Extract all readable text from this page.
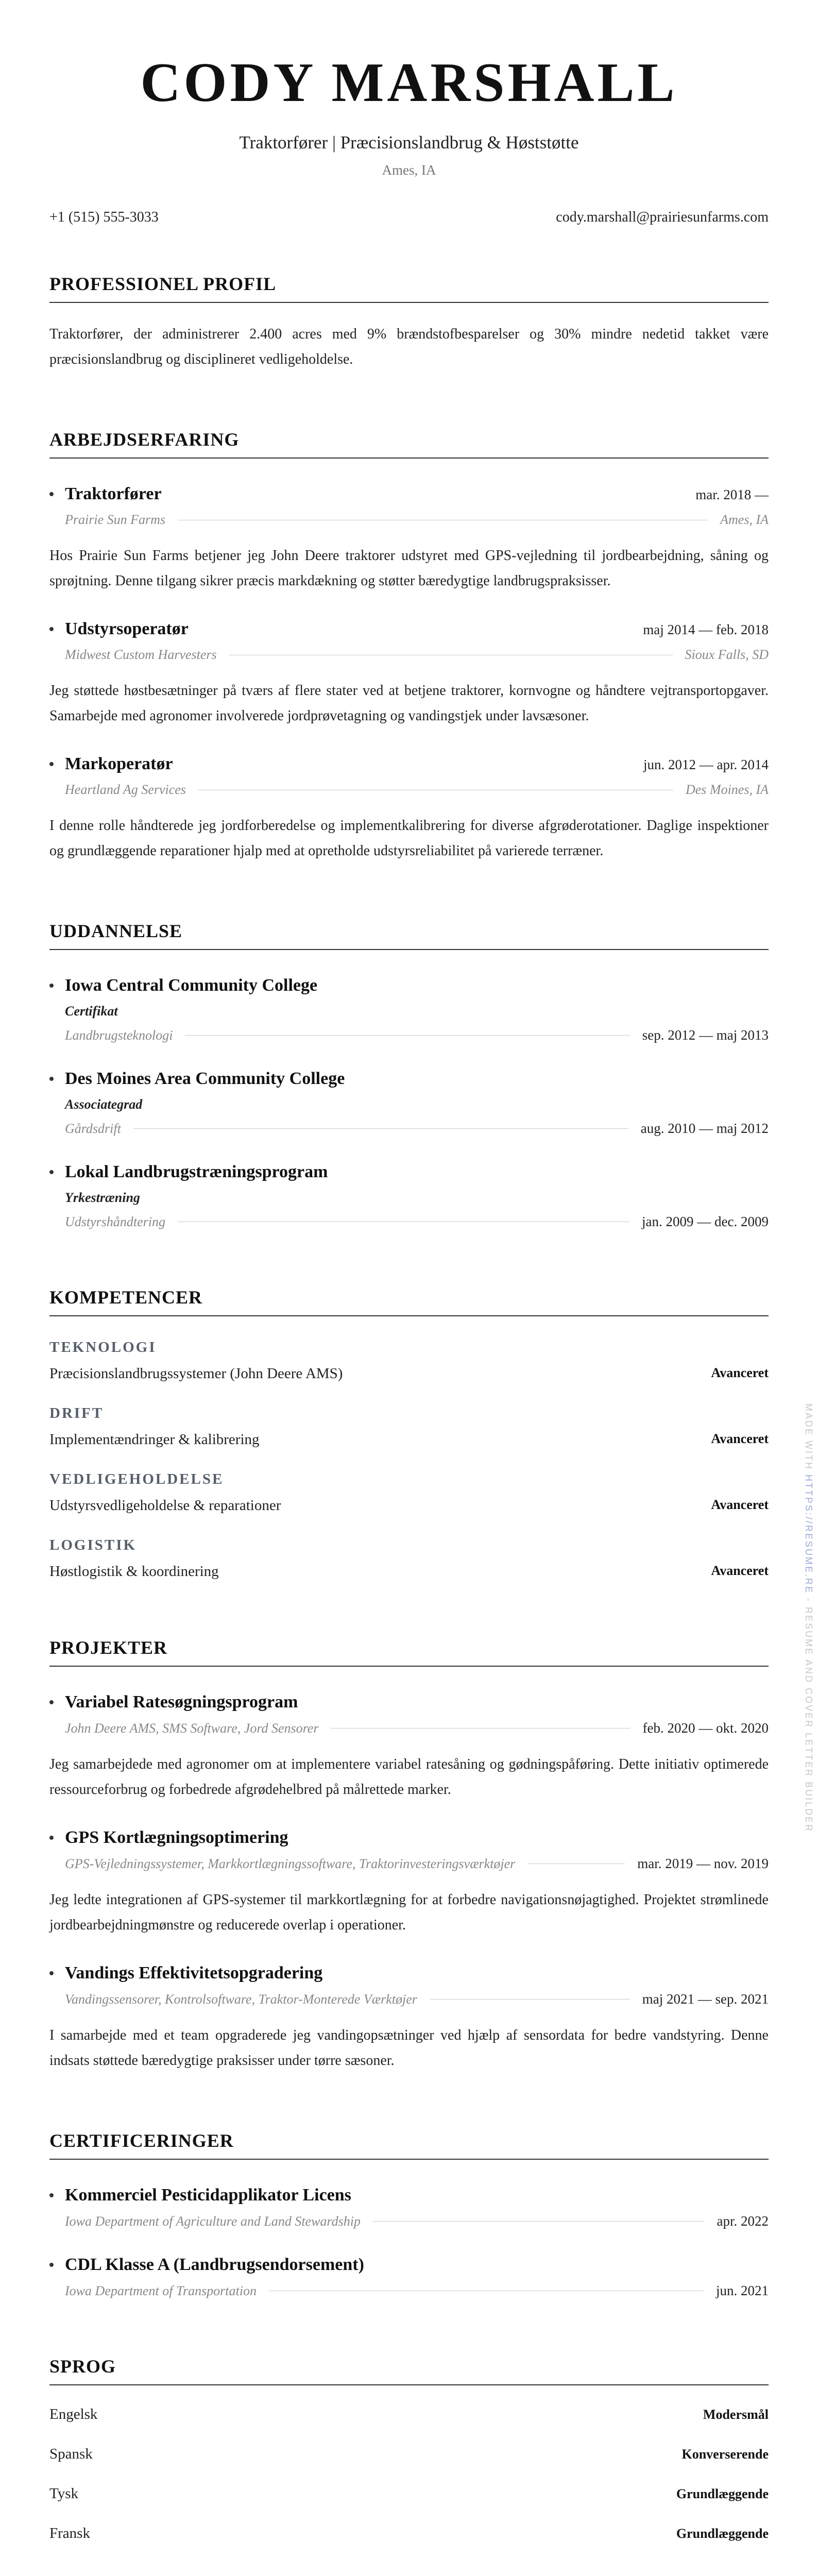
CODY MARSHALL
Traktorfører | Præcisionslandbrug & Høststøtte
Ames, IA
+1 (515) 555-3033	cody.marshall@prairiesunfarms.com
PROFESSIONEL PROFIL

Traktorfører, der administrerer 2.400 acres med 9% brændstofbesparelser og 30% mindre nedetid takket være præcisionslandbrug og disciplineret vedligeholdelse.

ARBEJDSERFARING
Traktorfører	mar. 2018 —
Prairie Sun Farms	Ames, IA

Hos Prairie Sun Farms betjener jeg John Deere traktorer udstyret med GPS-vejledning til jordbearbejdning, såning og sprøjtning. Denne tilgang sikrer præcis markdækning og støtter bæredygtige landbrugspraksisser.

Udstyrsoperatør	maj 2014 — feb. 2018
Midwest Custom Harvesters	Sioux Falls, SD

Jeg støttede høstbesætninger på tværs af flere stater ved at betjene traktorer, kornvogne og håndtere vejtransportopgaver. Samarbejde med agronomer involverede jordprøvetagning og vandingstjek under lavsæsoner.

Markoperatør	jun. 2012 — apr. 2014
Heartland Ag Services	Des Moines, IA

I denne rolle håndterede jeg jordforberedelse og implementkalibrering for diverse afgrøderotationer. Daglige inspektioner og grundlæggende reparationer hjalp med at opretholde udstyrsreliabilitet på varierede terræner.

UDDANNELSE
Iowa Central Community College
Certifikat
Landbrugsteknologi	sep. 2012 — maj 2013
Des Moines Area Community College
Associategrad
Gårdsdrift	aug. 2010 — maj 2012
Lokal Landbrugstræningsprogram
Yrkestræning
Udstyrshåndtering	jan. 2009 — dec. 2009
KOMPETENCER
TEKNOLOGI
Præcisionslandbrugssystemer (John Deere AMS)	Avanceret
DRIFT
Implementændringer & kalibrering	Avanceret
VEDLIGEHOLDELSE
Udstyrsvedligeholdelse & reparationer	Avanceret
LOGISTIK
Høstlogistik & koordinering	Avanceret
PROJEKTER
Variabel Ratesøgningsprogram
John Deere AMS, SMS Software, Jord Sensorer	feb. 2020 — okt. 2020

Jeg samarbejdede med agronomer om at implementere variabel ratesåning og gødningspåføring. Dette initiativ optimerede ressourceforbrug og forbedrede afgrødehelbred på målrettede marker.

GPS Kortlægningsoptimering
GPS-Vejledningssystemer, Markkortlægningssoftware, Traktorinvesteringsværktøjer	mar. 2019 — nov. 2019

Jeg ledte integrationen af GPS-systemer til markkortlægning for at forbedre navigationsnøjagtighed. Projektet strømlinede jordbearbejdningmønstre og reducerede overlap i operationer.

Vandings Effektivitetsopgradering
Vandingssensorer, Kontrolsoftware, Traktor-Monterede Værktøjer	maj 2021 — sep. 2021

I samarbejde med et team opgraderede jeg vandingopsætninger ved hjælp af sensordata for bedre vandstyring. Denne indsats støttede bæredygtige praksisser under tørre sæsoner.

CERTIFICERINGER
Kommerciel Pesticidapplikator Licens
Iowa Department of Agriculture and Land Stewardship	apr. 2022
CDL Klasse A (Landbrugsendorsement)
Iowa Department of Transportation	jun. 2021
SPROG
Engelsk	Modersmål
Spansk	Konverserende
Tysk	Grundlæggende
Fransk	Grundlæggende

MADE WITH HTTPS://RESUME.RE - RESUME AND COVER LETTER BUILDER
